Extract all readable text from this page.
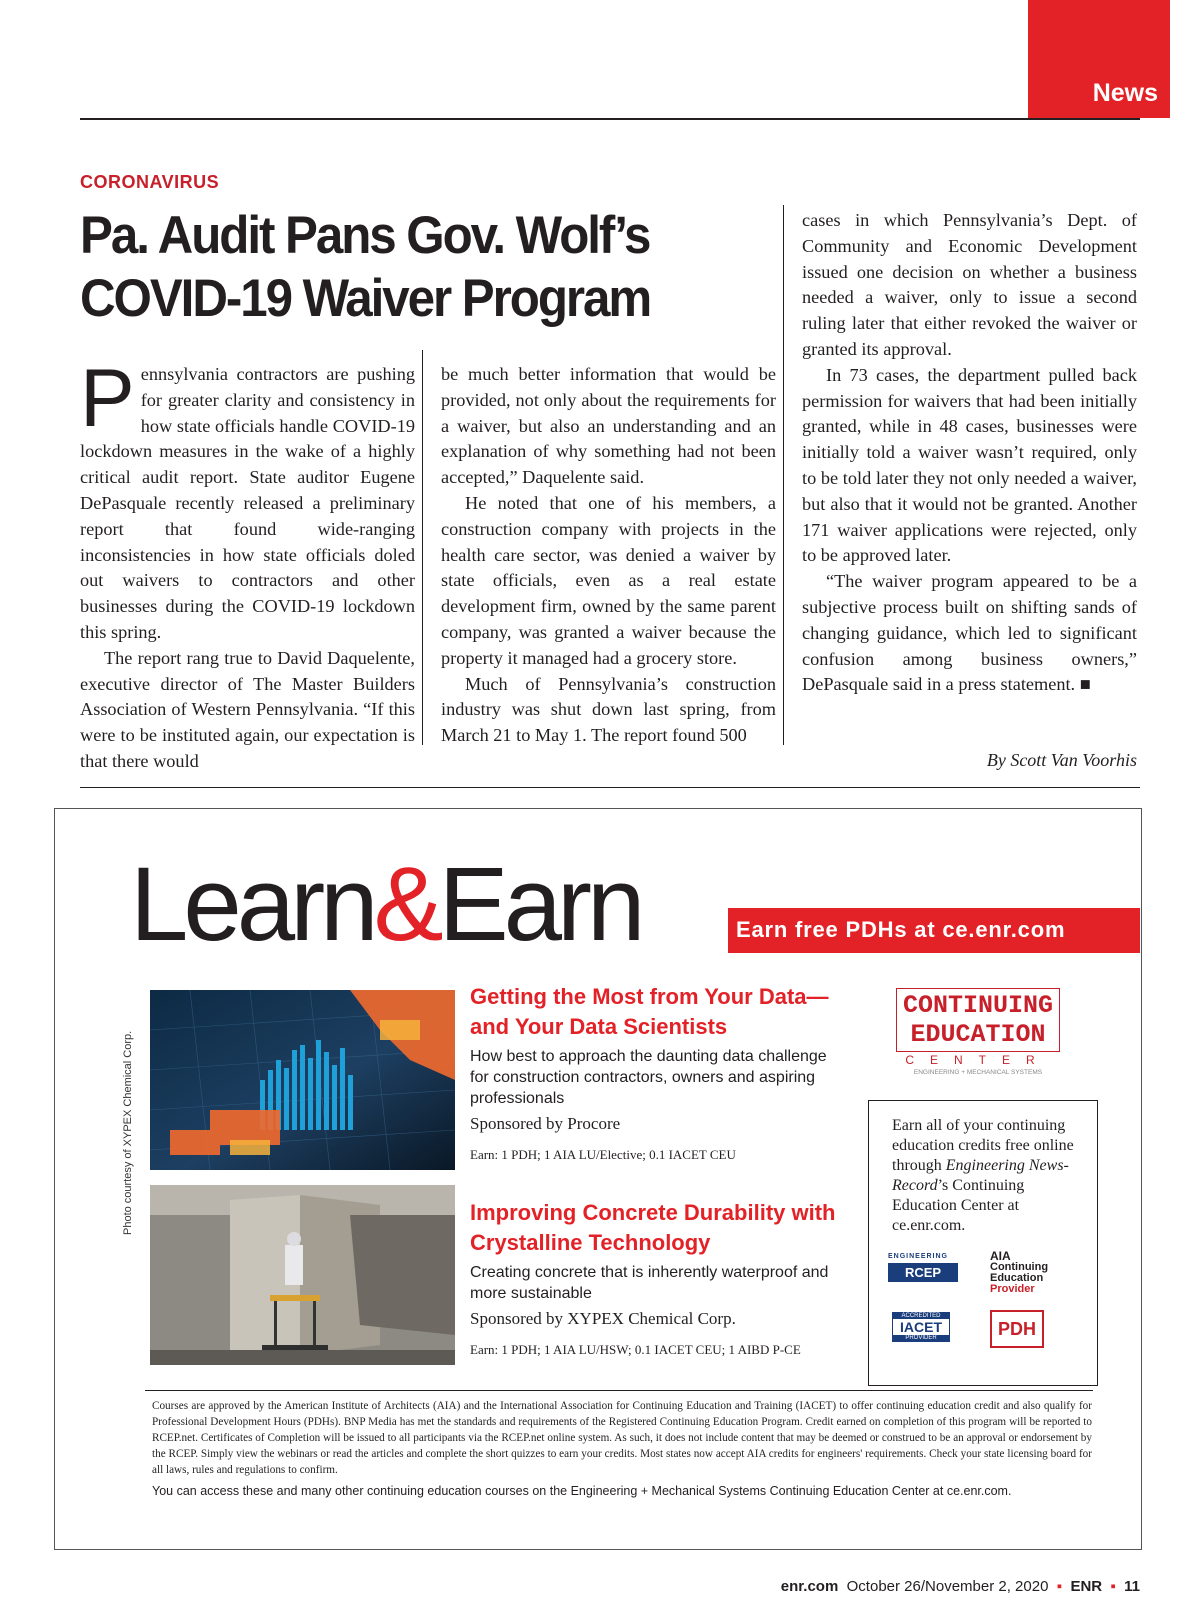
News
CORONAVIRUS
Pa. Audit Pans Gov. Wolf’s COVID-19 Waiver Program

Pennsylvania contractors are pushing for greater clarity and consistency in how state officials handle COVID-19 lockdown measures in the wake of a highly critical audit report. State auditor Eugene DePasquale recently released a preliminary report that found wide-ranging inconsistencies in how state officials doled out waivers to contractors and other businesses during the COVID-19 lockdown this spring.

The report rang true to David Daquelente, executive director of The Master Builders Association of Western Pennsylvania. “If this were to be instituted again, our expectation is that there would

be much better information that would be provided, not only about the requirements for a waiver, but also an understanding and an explanation of why something had not been accepted,” Daquelente said.

He noted that one of his members, a construction company with projects in the health care sector, was denied a waiver by state officials, even as a real estate development firm, owned by the same parent company, was granted a waiver because the property it managed had a grocery store.

Much of Pennsylvania’s construction industry was shut down last spring, from March 21 to May 1. The report found 500

cases in which Pennsylvania’s Dept. of Community and Economic Development issued one decision on whether a business needed a waiver, only to issue a second ruling later that either revoked the waiver or granted its approval.

In 73 cases, the department pulled back permission for waivers that had been initially granted, while in 48 cases, businesses were initially told a waiver wasn’t required, only to be told later they not only needed a waiver, but also that it would not be granted. Another 171 waiver applications were rejected, only to be approved later.

“The waiver program appeared to be a subjective process built on shifting sands of changing guidance, which led to significant confusion among business owners,” DePasquale said in a press statement. ■

By Scott Van Voorhis
Learn&Earn	Earn free PDHs at ce.enr.com
Getting the Most from Your Data—and Your Data Scientists
How best to approach the daunting data challenge for construction contractors, owners and aspiring professionals
Sponsored by Procore
Earn: 1 PDH; 1 AIA LU/Elective; 0.1 IACET CEU
Photo courtesy of XYPEX Chemical Corp.	Improving Concrete Durability with Crystalline Technology
Creating concrete that is inherently waterproof and more sustainable
Sponsored by XYPEX Chemical Corp.
Earn: 1 PDH; 1 AIA LU/HSW; 0.1 IACET CEU; 1 AIBD P-CE
CONTINUING
EDUCATION
CENTER
ENGINEERING + MECHANICAL SYSTEMS
Earn all of your continuing education credits free online through Engineering News-Record’s Continuing Education Center at ce.enr.com.
ENGINEERING
RCEP
AIA
Continuing
Education
Provider
ACCREDITED
IACET
PROVIDER	PDH
Courses are approved by the American Institute of Architects (AIA) and the International Association for Continuing Education and Training (IACET) to offer continuing education credit and also qualify for Professional Development Hours (PDHs). BNP Media has met the standards and requirements of the Registered Continuing Education Program. Credit earned on completion of this program will be reported to RCEP.net. Certificates of Completion will be issued to all participants via the RCEP.net online system. As such, it does not include content that may be deemed or construed to be an approval or endorsement by the RCEP. Simply view the webinars or read the articles and complete the short quizzes to earn your credits. Most states now accept AIA credits for engineers' requirements. Check your state licensing board for all laws, rules and regulations to confirm.
You can access these and many other continuing education courses on the Engineering + Mechanical Systems Continuing Education Center at ce.enr.com.
enr.com October 26/November 2, 2020 ▪ ENR ▪ 11
